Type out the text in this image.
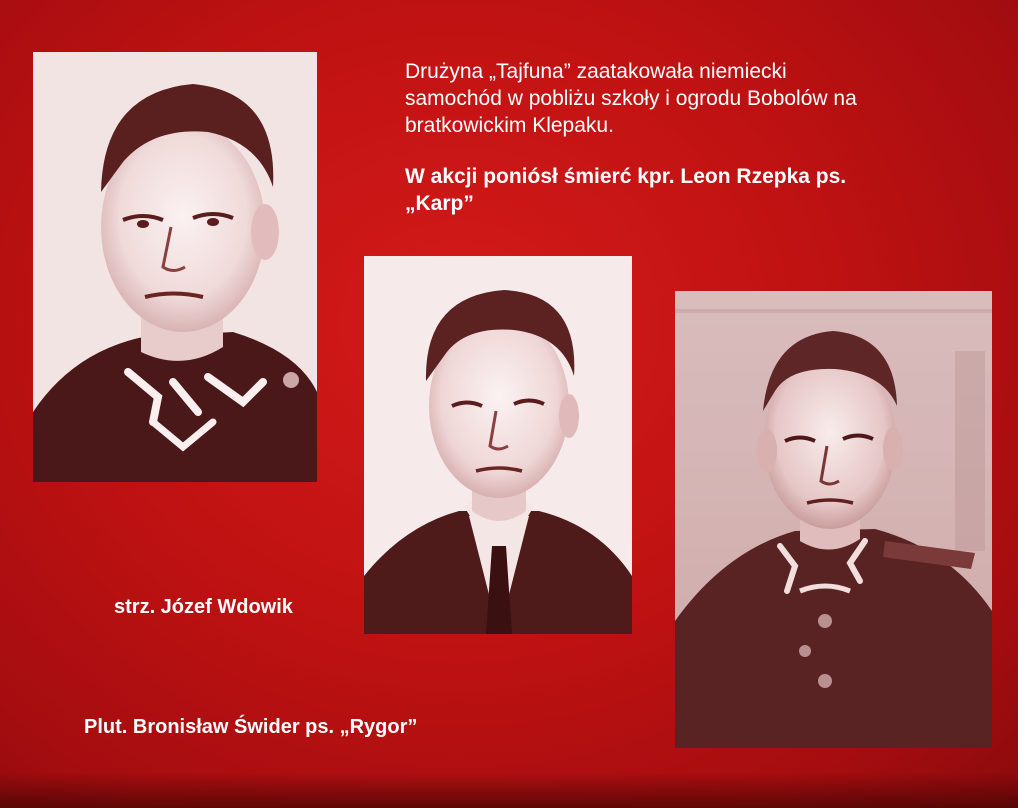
Drużyna „Tajfuna” zaatakowała niemiecki
samochód w pobliżu szkoły i ogrodu Bobolów na
bratkowickim Klepaku.

W akcji poniósł śmierć kpr. Leon Rzepka ps.
„Karp”

strz. Józef Wdowik
Plut. Bronisław Świder ps. „Rygor”
